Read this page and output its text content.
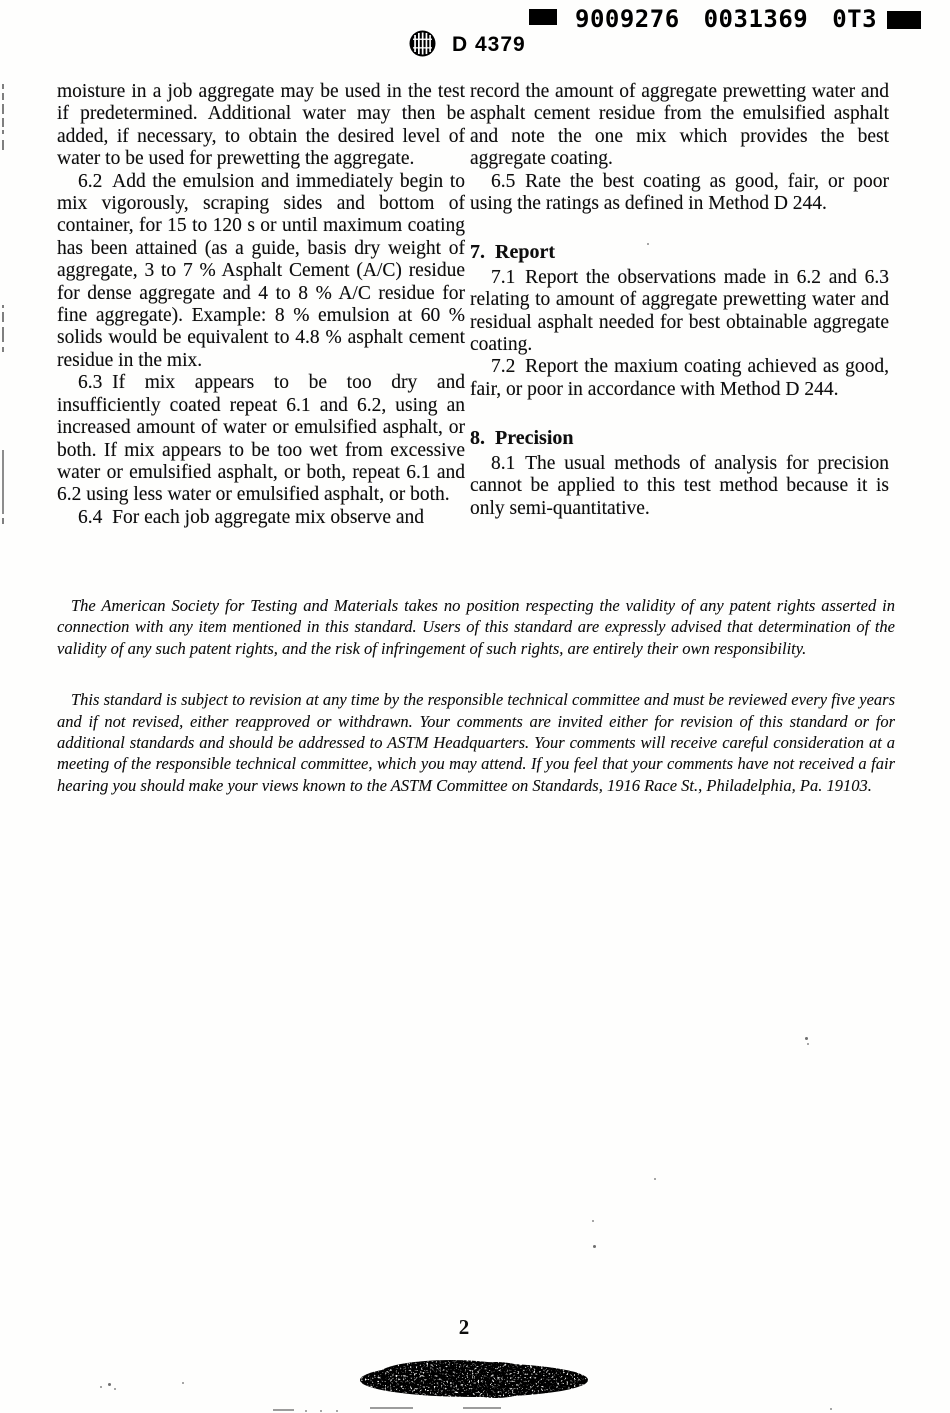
9009276 0031369 0T3
D 4379

moisture in a job aggregate may be used in the test if predetermined. Additional water may then be added, if necessary, to obtain the desired level of water to be used for prewetting the aggregate.

6.2 Add the emulsion and immediately begin to mix vigorously, scraping sides and bottom of container, for 15 to 120 s or until maximum coating has been attained (as a guide, basis dry weight of aggregate, 3 to 7 % Asphalt Cement (A/C) residue for dense aggregate and 4 to 8 % A/C residue for fine aggregate). Example: 8 % emulsion at 60 % solids would be equivalent to 4.8 % asphalt cement residue in the mix.

6.3 If mix appears to be too dry and insufficiently coated repeat 6.1 and 6.2, using an increased amount of water or emulsified asphalt, or both. If mix appears to be too wet from excessive water or emulsified asphalt, or both, repeat 6.1 and 6.2 using less water or emulsified asphalt, or both.

6.4 For each job aggregate mix observe and

record the amount of aggregate prewetting water and asphalt cement residue from the emulsified asphalt and note the one mix which provides the best aggregate coating.

6.5 Rate the best coating as good, fair, or poor using the ratings as defined in Method D 244.

7. Report

7.1 Report the observations made in 6.2 and 6.3 relating to amount of aggregate prewetting water and residual asphalt needed for best obtainable aggregate coating.

7.2 Report the maxium coating achieved as good, fair, or poor in accordance with Method D 244.

8. Precision

8.1 The usual methods of analysis for precision cannot be applied to this test method because it is only semi-quantitative.

The American Society for Testing and Materials takes no position respecting the validity of any patent rights asserted in connection with any item mentioned in this standard. Users of this standard are expressly advised that determination of the validity of any such patent rights, and the risk of infringement of such rights, are entirely their own responsibility.

This standard is subject to revision at any time by the responsible technical committee and must be reviewed every five years and if not revised, either reapproved or withdrawn. Your comments are invited either for revision of this standard or for additional standards and should be addressed to ASTM Headquarters. Your comments will receive careful consideration at a meeting of the responsible technical committee, which you may attend. If you feel that your comments have not received a fair hearing you should make your views known to the ASTM Committee on Standards, 1916 Race St., Philadelphia, Pa. 19103.

2
